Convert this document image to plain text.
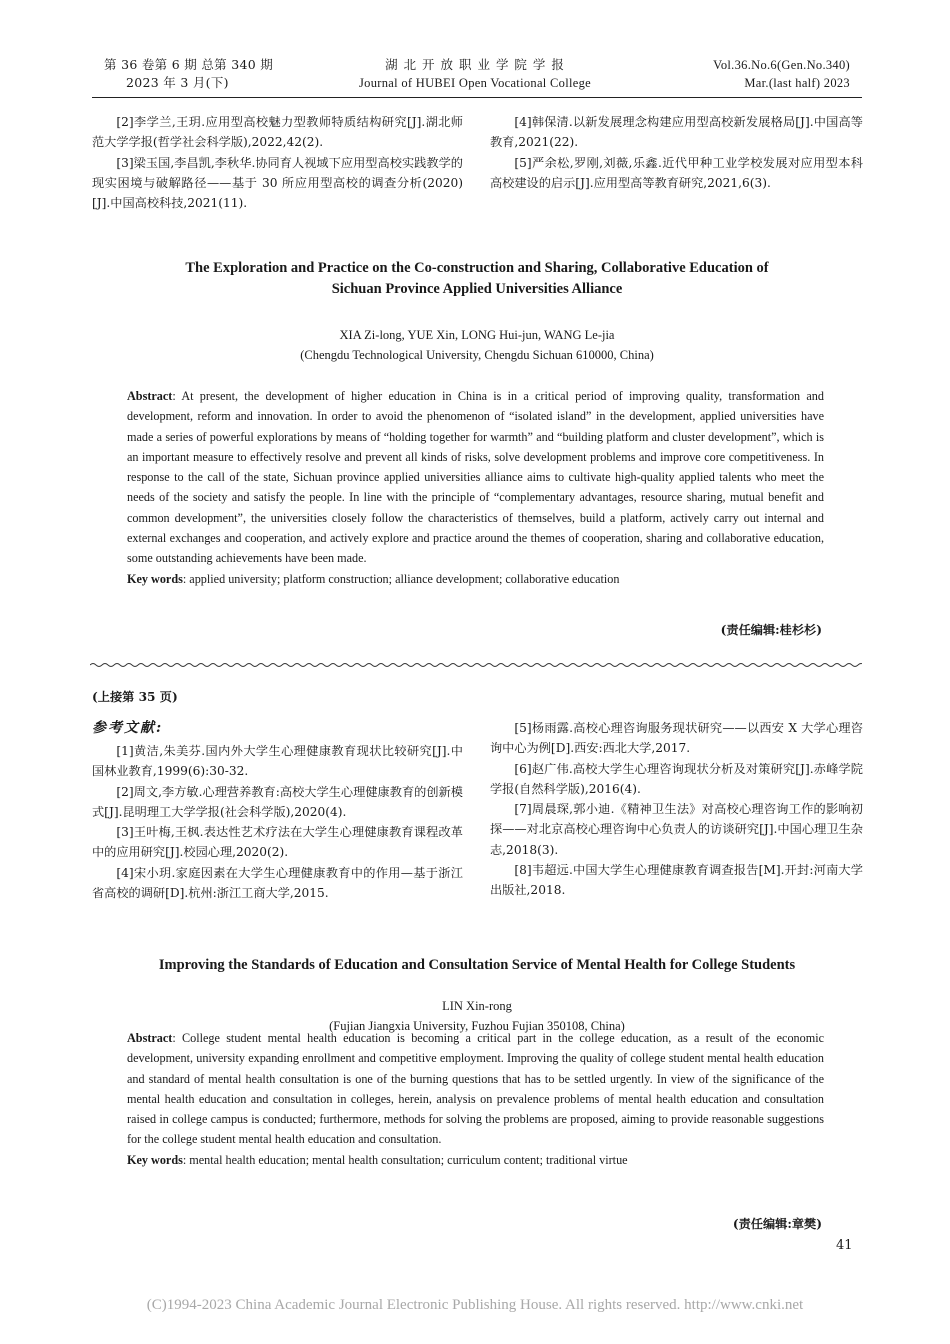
第 36 卷第 6 期 总第 340 期
2023 年 3 月(下)
湖 北 开 放 职 业 学 院 学 报
Journal of HUBEI Open Vocational College
Vol.36.No.6(Gen.No.340)
Mar.(last half) 2023

[2]李学兰,王玥.应用型高校魅力型教师特质结构研究[J].湖北师范大学学报(哲学社会科学版),2022,42(2).

[3]梁玉国,李昌凯,李秋华.协同育人视域下应用型高校实践教学的现实困境与破解路径——基于 30 所应用型高校的调查分析(2020)[J].中国高校科技,2021(11).

[4]韩保清.以新发展理念构建应用型高校新发展格局[J].中国高等教育,2021(22).

[5]严余松,罗刚,刘薇,乐鑫.近代甲种工业学校发展对应用型本科高校建设的启示[J].应用型高等教育研究,2021,6(3).

The Exploration and Practice on the Co-construction and Sharing, Collaborative Education of
Sichuan Province Applied Universities Alliance
XIA Zi-long, YUE Xin, LONG Hui-jun, WANG Le-jia
(Chengdu Technological University, Chengdu Sichuan 610000, China)
Abstract: At present, the development of higher education in China is in a critical period of improving quality, transformation and development, reform and innovation. In order to avoid the phenomenon of “isolated island” in the development, applied universities have made a series of powerful explorations by means of “holding together for warmth” and “building platform and cluster development”, which is an important measure to effectively resolve and prevent all kinds of risks, solve development problems and improve core competitiveness. In response to the call of the state, Sichuan province applied universities alliance aims to cultivate high-quality applied talents who meet the needs of the society and satisfy the people. In line with the principle of “complementary advantages, resource sharing, mutual benefit and common development”, the universities closely follow the characteristics of themselves, build a platform, actively carry out internal and external exchanges and cooperation, and actively explore and practice around the themes of cooperation, sharing and collaborative education, some outstanding achievements have been made.
Key words: applied university; platform construction; alliance development; collaborative education
(责任编辑:桂杉杉)
(上接第 35 页)
参考文献:

[1]黄洁,朱美芬.国内外大学生心理健康教育现状比较研究[J].中国林业教育,1999(6):30-32.

[2]周文,李方敏.心理营养教育:高校大学生心理健康教育的创新模式[J].昆明理工大学学报(社会科学版),2020(4).

[3]王叶梅,王枫.表达性艺术疗法在大学生心理健康教育课程改革中的应用研究[J].校园心理,2020(2).

[4]宋小玥.家庭因素在大学生心理健康教育中的作用—基于浙江省高校的调研[D].杭州:浙江工商大学,2015.

[5]杨雨露.高校心理咨询服务现状研究——以西安 X 大学心理咨询中心为例[D].西安:西北大学,2017.

[6]赵广伟.高校大学生心理咨询现状分析及对策研究[J].赤峰学院学报(自然科学版),2016(4).

[7]周晨琛,郭小迪.《精神卫生法》对高校心理咨询工作的影响初探——对北京高校心理咨询中心负责人的访谈研究[J].中国心理卫生杂志,2018(3).

[8]韦超远.中国大学生心理健康教育调查报告[M].开封:河南大学出版社,2018.

Improving the Standards of Education and Consultation Service of Mental Health for College Students
LIN Xin-rong
(Fujian Jiangxia University, Fuzhou Fujian 350108, China)
Abstract: College student mental health education is becoming a critical part in the college education, as a result of the economic development, university expanding enrollment and competitive employment. Improving the quality of college student mental health education and standard of mental health consultation is one of the burning questions that has to be settled urgently. In view of the significance of the mental health education and consultation in colleges, herein, analysis on prevalence problems of mental health education and consultation raised in college campus is conducted; furthermore, methods for solving the problems are proposed, aiming to provide reasonable suggestions for the college student mental health education and consultation.
Key words: mental health education; mental health consultation; curriculum content; traditional virtue
(责任编辑:章樊)
41
(C)1994-2023 China Academic Journal Electronic Publishing House. All rights reserved. http://www.cnki.net
